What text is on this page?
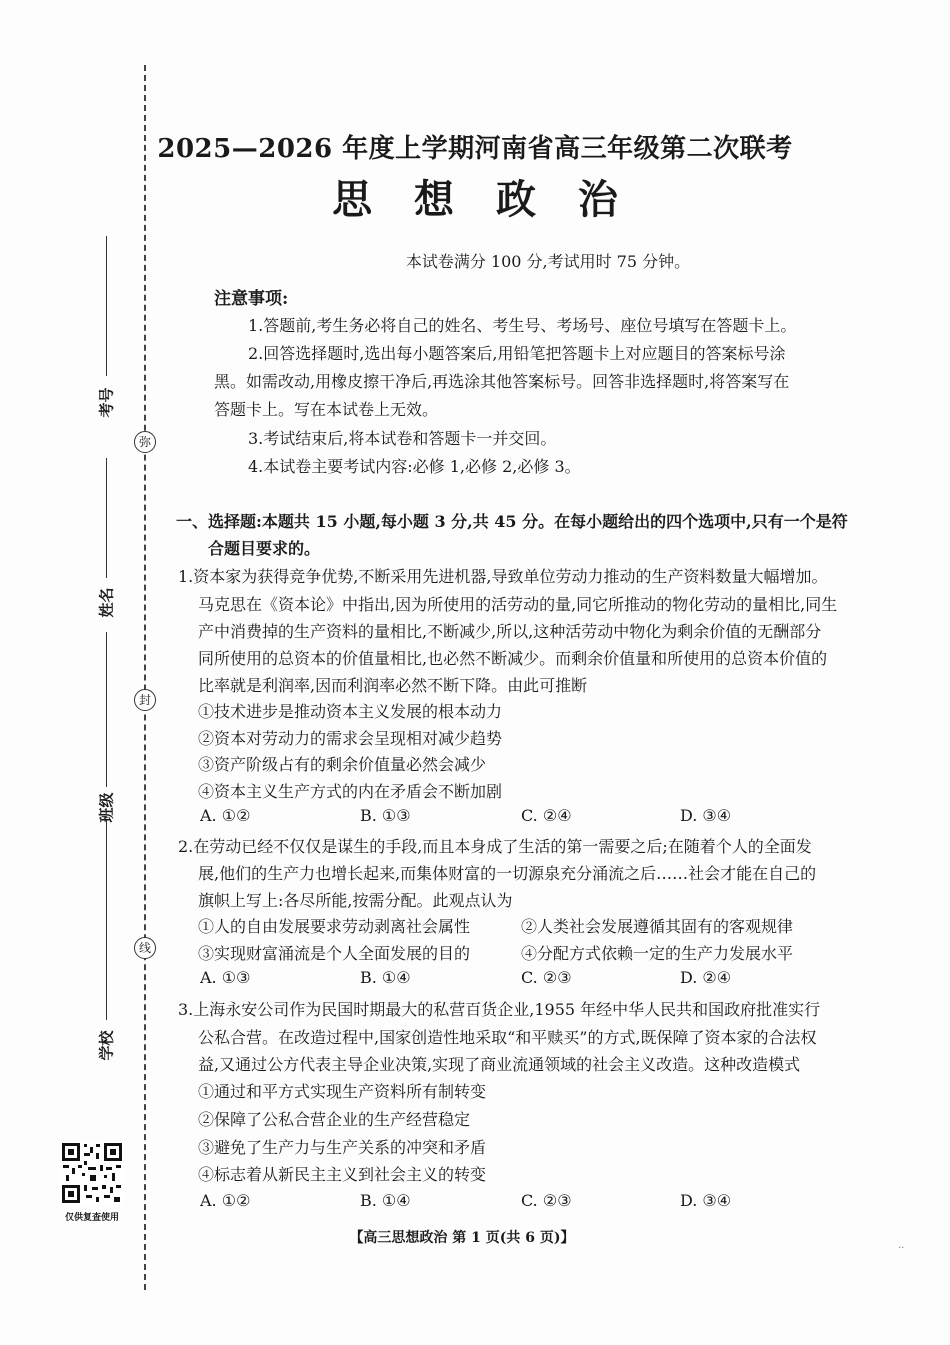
考号
弥
姓名
封
班级
线
学校
仅供复查使用
2025—2026 年度上学期河南省高三年级第二次联考
思 想 政 治
本试卷满分 100 分,考试用时 75 分钟。
注意事项:
1.答题前,考生务必将自己的姓名、考生号、考场号、座位号填写在答题卡上。
2.回答选择题时,选出每小题答案后,用铅笔把答题卡上对应题目的答案标号涂
黑。如需改动,用橡皮擦干净后,再选涂其他答案标号。回答非选择题时,将答案写在
答题卡上。写在本试卷上无效。
3.考试结束后,将本试卷和答题卡一并交回。
4.本试卷主要考试内容:必修 1,必修 2,必修 3。
一、选择题:本题共 15 小题,每小题 3 分,共 45 分。在每小题给出的四个选项中,只有一个是符
合题目要求的。
1.资本家为获得竞争优势,不断采用先进机器,导致单位劳动力推动的生产资料数量大幅增加。
马克思在《资本论》中指出,因为所使用的活劳动的量,同它所推动的物化劳动的量相比,同生
产中消费掉的生产资料的量相比,不断减少,所以,这种活劳动中物化为剩余价值的无酬部分
同所使用的总资本的价值量相比,也必然不断减少。而剩余价值量和所使用的总资本价值的
比率就是利润率,因而利润率必然不断下降。由此可推断
①技术进步是推动资本主义发展的根本动力
②资本对劳动力的需求会呈现相对减少趋势
③资产阶级占有的剩余价值量必然会减少
④资本主义生产方式的内在矛盾会不断加剧
A. ①②	B. ①③	C. ②④	D. ③④
2.在劳动已经不仅仅是谋生的手段,而且本身成了生活的第一需要之后;在随着个人的全面发
展,他们的生产力也增长起来,而集体财富的一切源泉充分涌流之后……社会才能在自己的
旗帜上写上:各尽所能,按需分配。此观点认为
①人的自由发展要求劳动剥离社会属性	②人类社会发展遵循其固有的客观规律
③实现财富涌流是个人全面发展的目的	④分配方式依赖一定的生产力发展水平
A. ①③	B. ①④	C. ②③	D. ②④
3.上海永安公司作为民国时期最大的私营百货企业,1955 年经中华人民共和国政府批准实行
公私合营。在改造过程中,国家创造性地采取“和平赎买”的方式,既保障了资本家的合法权
益,又通过公方代表主导企业决策,实现了商业流通领域的社会主义改造。这种改造模式
①通过和平方式实现生产资料所有制转变
②保障了公私合营企业的生产经营稳定
③避免了生产力与生产关系的冲突和矛盾
④标志着从新民主主义到社会主义的转变
A. ①②	B. ①④	C. ②③	D. ③④
【高三思想政治 第 1 页(共 6 页)】	..
